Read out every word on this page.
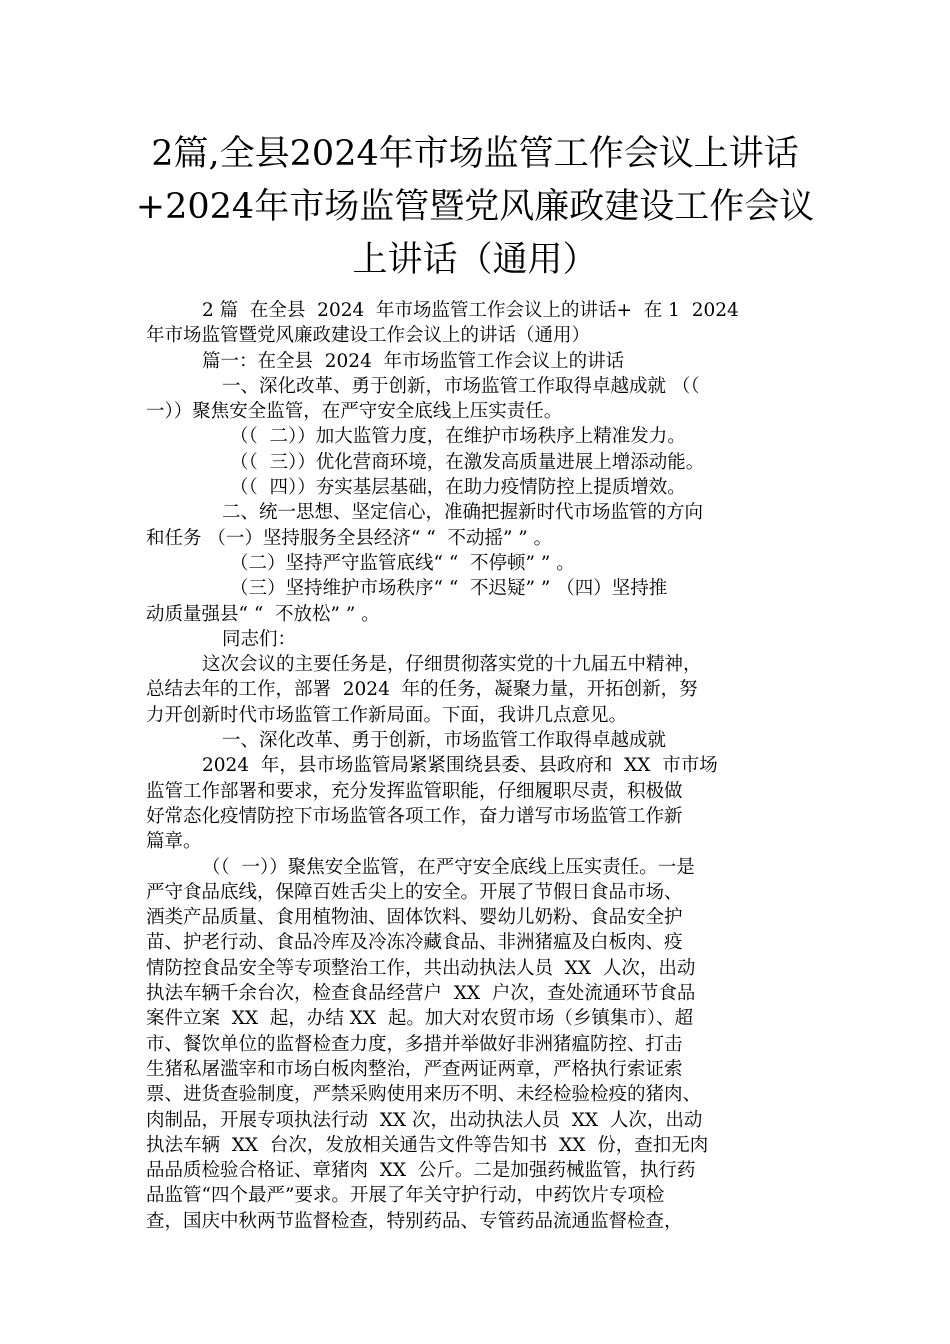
2篇,全县2024年市场监管工作会议上讲话
+2024年市场监管暨党风廉政建设工作会议
上讲话（通用）
2 篇  在全县  2024  年市场监管工作会议上的讲话+  在 1  2024
年市场监管暨党风廉政建设工作会议上的讲话（通用）
篇一：在全县  2024  年市场监管工作会议上的讲话
一、深化改革、勇于创新，市场监管工作取得卓越成就 （（
一））聚焦安全监管，在严守安全底线上压实责任。
（（  二））加大监管力度，在维护市场秩序上精准发力。
（（  三））优化营商环境，在激发高质量进展上增添动能。
（（  四））夯实基层基础，在助力疫情防控上提质增效。
二、统一思想、坚定信心，准确把握新时代市场监管的方向
和任务 （一）坚持服务全县经济“ “  不动摇” ” 。
（二）坚持严守监管底线“ “  不停顿” ” 。
（三）坚持维护市场秩序“ “  不迟疑” ” （四）坚持推
动质量强县“ “  不放松” ” 。
同志们：
这次会议的主要任务是，仔细贯彻落实党的十九届五中精神，
总结去年的工作，部署  2024  年的任务，凝聚力量，开拓创新，努
力开创新时代市场监管工作新局面。下面，我讲几点意见。
一、深化改革、勇于创新，市场监管工作取得卓越成就
2024  年，县市场监管局紧紧围绕县委、县政府和  XX  市市场
监管工作部署和要求，充分发挥监管职能，仔细履职尽责，积极做
好常态化疫情防控下市场监管各项工作，奋力谱写市场监管工作新
篇章。
（（  一））聚焦安全监管，在严守安全底线上压实责任。一是
严守食品底线，保障百姓舌尖上的安全。开展了节假日食品市场、
酒类产品质量、食用植物油、固体饮料、婴幼儿奶粉、食品安全护
苗、护老行动、食品冷库及冷冻冷藏食品、非洲猪瘟及白板肉、疫
情防控食品安全等专项整治工作，共出动执法人员  XX  人次，出动
执法车辆千余台次，检查食品经营户  XX  户次，查处流通环节食品
案件立案  XX  起，办结 XX  起。加大对农贸市场（乡镇集市）、超
市、餐饮单位的监督检查力度，多措并举做好非洲猪瘟防控、打击
生猪私屠滥宰和市场白板肉整治，严查两证两章，严格执行索证索
票、进货查验制度，严禁采购使用来历不明、未经检验检疫的猪肉、
肉制品，开展专项执法行动  XX 次，出动执法人员  XX  人次，出动
执法车辆  XX  台次，发放相关通告文件等告知书  XX  份，查扣无肉
品品质检验合格证、章猪肉  XX  公斤。二是加强药械监管，执行药
品监管“四个最严”要求。开展了年关守护行动，中药饮片专项检
查，国庆中秋两节监督检查，特别药品、专管药品流通监督检查，
